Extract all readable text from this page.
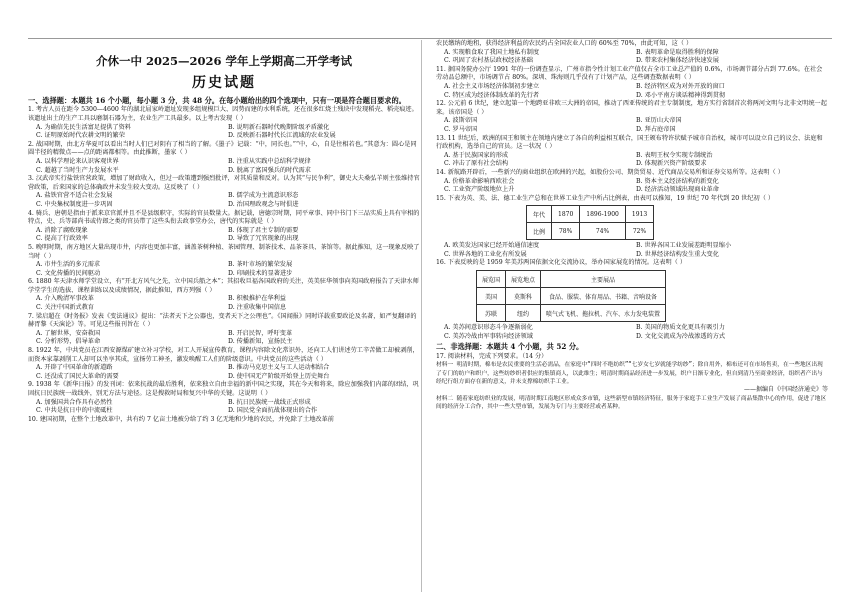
介休一中 2025—2026 学年上学期高二开学考试
历史试题
一、选择题：本题共 16 个小题，每小题 3 分，共 48 分。在每小题给出的四个选项中，只有一项是符合题目要求的。

1. 考古人员在距今 5300—4600 年的湖北屈家岭遗址发现多组规模巨大、因势而建的水利系统，还在很多红烧土残块中发现稻壳、稻壳痕迹。该遗址出土的生产工具以磨制石器为主，农业生产工具最多。以上考古发现（ ）

A. 为确信先民生活富足提供了资料	B. 说明新石器时代晚期阶级矛盾激化
C. 证明原始时代农耕文明的繁荣	D. 反映新石器时代长江流域的农业发展

2. 战国时期，由北方华夏可以看出当时人们已对阴有了相当的了解。《墨子》记载：“中，同长也。”“中，心，自是往相若也。”其意为：圆心是同圆半径的精微点——点的距离都相等。由此推断，墨家（ ）

A. 以科学理论来认识客观世界	B. 注重从实践中总结科学规律
C. 超越了当时生产力发展水平	D. 脱离了富国强兵的时代需求

3. 汉武帝实行盐铁官营政策，增加了财政收入，但过一政策遭到强烈批评，对其质量和反对。认为其“与民争利”，御史大夫桑弘羊则主张维持官营政策，后来国家的总体确政并未发生较大变动。这反映了（ ）

A. 盐铁官营不适合社会发展	B. 儒学成为主流意识形态
C. 中央集权制度进一步巩固	D. 治国理政观念与时俱进

4. 骑兵、唐朝是指由于派来京官派并且不是县级职守，实际的官员数量大。据记载，唐德宗时期，同平章事、同中书门下三品实质上具有宰相的特点，史、兵等部尚书或侍郎之类的官员带了这些头衔去政事堂办公，唐代的实际就是（ ）

A. 消除了腐败现象	B. 体现了君主专制的需要
C. 提高了行政效率	D. 导致了冗官现象的出现

5. 晚明时期，南方地区大量出现市井，内容也更加丰富，涵盖茶树种植、茶园管理、制茶技术、品茶茶具、茶馆等。据此推知，这一现象反映了当时（ ）

A. 市井生活的多元需求	B. 茶叶市场的繁荣发展
C. 文化传播的民间驱动	D. 印刷技术的显著进步

6. 1880 年天津水师学堂设立，有“开北方风气之先，立中国兵船之本”；其招收旦福各国政府的关注，英美驻华领事向英国政府报告了天津水师学堂学生的选拔、课程训练以及成绩情况，据此推知，西方列强（ ）

A. 介入晚清军事改革	B. 积极推护在华利益
C. 关注中国新式教育	D. 注重收集中国信息

7. 梁启超在《时务报》发表《变法通议》提出：“法者天下之公器也，变者天下之公理也”。《国闻报》同时详载重要政论及名著，如严复翻译的赫胥黎《天演论》等。可见这些报刊旨在（ ）

A. 了解世界，安奋救国	B. 开启民智，呼吁变革
C. 分析形势，倡导革命	D. 传播新知，宣扬民主

8. 1922 年，中共党员在江西安源煤矿建立补习学校，对工人开展宣传教育，课程内容除文化常识外，还向工人们讲述劳工辛苦做工却被剥削，而资本家靠剥削工人却可以坐享其成，宣扬劳工神圣，激发唤醒工人们的阶级意识。中共党员的这些活动（ ）

A. 开辟了中国革命的新道路	B. 推动马克思主义与工人运动相结合
C. 还没成了国民大革命的需要	D. 使中国无产阶级开始登上历史舞台

9. 1938 年《新华日报》的发刊词：依来抗战的最后胜利，依来独立自由幸福的新中国之实现，其在今天和将来，除应加强我们内部的团结，巩固抗日民族统一战线外，别无方法与途径。这是搜救时局和复兴中华的关键。这说明（ ）

A. 加强国共合作具有必然性	B. 抗日民族统一战线正式形成
C. 中共是抗日中的中流砥柱	D. 国民党全面抗战体现出的合作

10. 建国初期，在整个土地改革中，共有约 7 亿亩土地被分给了约 3 亿无地和少地的农民，并免除了土地改革前

农民缴纳的地租，获得经济利益的农民约占全国农业人口的 60%至 70%，由此可知，这（ ）

A. 实现粮食取了我国土地私有制度	B. 表明革命是取得胜利的保障
C. 巩固了农村基层政权经济基础	D. 带来农村集体经济快速发展

11. 据国务院办公厅 1991 年的一份调查显示，广州市指令性计划工业产值仅占全市工业总产值的 0.6%，市场调节部分占到 77.6%。在社会劳动品总额中，市场调节占 80%。深圳、珠海则几乎没有了计划产品，这些调查数据表明（ ）

A. 社会主义市场经济体制初步建立	B. 经济特区成为对外开放的窗口
C. 特区成为经济体制改革的先行者	D. 邓小平南方谈话精神得到贯彻

12. 公元前 6 世纪，建立起第一个地跨亚非欧三大洲的帝国，推动了西亚传统的君主专制制度，地方实行省制首次将两河文明与北非文明统一起来。该帝国是（ ）

A. 波斯帝国	B. 亚历山大帝国
C. 罗马帝国	D. 拜占庭帝国

13. 11 世纪后，欧洲的国王和领主在领地内建立了各自的利益相互联合，国王颁布特许状赋予城市自治权，城市可以设立自己的议会、法庭和行政机构，选举自己的官员。这一状况（ ）

A. 基于民族国家的形成	B. 表明王权令实现专制统治
C. 冲击了原有社会结构	D. 体现新兴资产阶级要求

14. 新航路开辟后，一些新兴的商业组织在欧洲的兴起，如股份公司、期货贸易、近代商品交易所和证券交易所等。这表明（ ）

A. 价格革命影响西欧社会	B. 资本主义经济结构的新变化
C. 工业资产阶级地位上升	D. 经济活动领域出现商业革命

15. 下表为英、美、法、德工业生产总和在世界工业生产中所占比例表，由表可以推知，19 世纪 70 年代到 20 世纪初（ ）

年代	1870	1896-1900	1913
比例	78%	74%	72%
A. 欧美发达国家已经开始通信速度	B. 世界各国工业发展差距明显缩小
C. 世界各地的工业化有所发展	D. 世界经济结构发生重大变化

16. 下表反映的是 1959 年美苏两国依据文化交流协议，举办国家展览的情况。这表明（ ）

展览国	展览地点	主要展品
美国	莫斯科	食品、服装、体育用品、书籍、音响设备
苏联	纽约	喷气式飞机、拖拉机、汽车、水力发电装置
A. 美苏间意识形态斗争逐渐弱化	B. 美国的物质文化更具有吸引力
C. 美苏冷战由军事转向经济领域	D. 文化交流成为冷战渗透的方式
二、非选择题：本题共 4 个小题，共 52 分。

17. 阅读材料，完成下列要求。（14 分）

材料一 明清时期，棉布是农民重要的生活必需品，在家庭中“四时不绝纺织”“七岁女七岁就能学纺纱”；除自用外，棉布还可在市场售卖，在一些地区出现了专门的纺户和织户，这些纺纱织者供应的集镇商人，以此维生；明清时期商品经济进一步发展，织户日渐专业化，但自到清乃至商业经济，组织者产出与经纪行组方面存在新的意义，并未支撑棉纺织手工业。

——据编自《中国经济通史》等

材料二 随着家庭纺织业的发展，明清时期江南地区形成众多市镇，这些新型市镇经济特征，服务于家庭手工业生产发展了商品集散中心的作用，促进了地区间的经济分工合作，其中一些大型市镇，发展为专门与主要经营或者某种。
